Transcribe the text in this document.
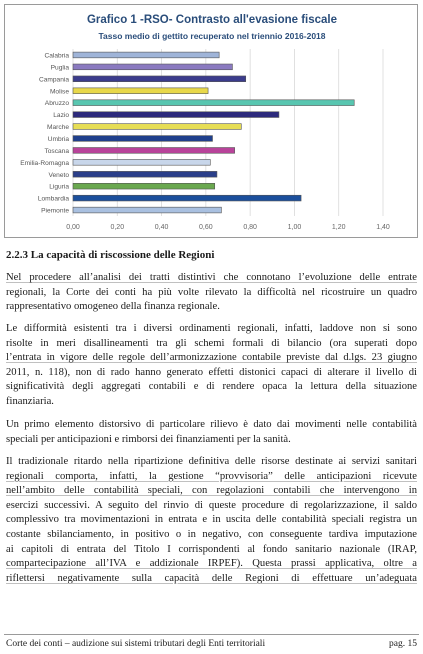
Grafico 1 -RSO- Contrasto all'evasione fiscale
Tasso medio di gettito recuperato nel triennio 2016-2018
Calabria
Puglia
Campania
Molise
Abruzzo
Lazio
Marche
Umbria
Toscana
Emilia-Romagna
Veneto
Liguria
Lombardia
Piemonte
0,00	0,20	0,40	0,60	0,80	1,00	1,20	1,40
2.2.3 La capacità di riscossione delle Regioni

Nel procedere all’analisi dei tratti distintivi che connotano l’evoluzione delle entrate
regionali, la Corte dei conti ha più volte rilevato la difficoltà nel ricostruire un quadro
rappresentativo omogeneo della finanza regionale.

Le difformità esistenti tra i diversi ordinamenti regionali, infatti, laddove non si sono
risolte in meri disallineamenti tra gli schemi formali di bilancio (ora superati dopo
l’entrata in vigore delle regole dell’armonizzazione contabile previste dal d.lgs. 23 giugno
2011, n. 118), non di rado hanno generato effetti distonici capaci di alterare il livello di
significatività degli aggregati contabili e di rendere opaca la lettura della situazione
finanziaria.

Un primo elemento distorsivo di particolare rilievo è dato dai movimenti nelle contabilità
speciali per anticipazioni e rimborsi dei finanziamenti per la sanità.

Il tradizionale ritardo nella ripartizione definitiva delle risorse destinate ai servizi sanitari
regionali comporta, infatti, la gestione “provvisoria” delle anticipazioni ricevute
nell’ambito delle contabilità speciali, con regolazioni contabili che intervengono in
esercizi successivi. A seguito del rinvio di queste procedure di regolarizzazione, il saldo
complessivo tra movimentazioni in entrata e in uscita delle contabilità speciali registra un
costante sbilanciamento, in positivo o in negativo, con conseguente tardiva imputazione
ai capitoli di entrata del Titolo I corrispondenti al fondo sanitario nazionale (IRAP,
compartecipazione all’IVA e addizionale IRPEF). Questa prassi applicativa, oltre a
riflettersi negativamente sulla capacità delle Regioni di effettuare un’adeguata

Corte dei conti – audizione sui sistemi tributari degli Enti territoriali	pag. 15
